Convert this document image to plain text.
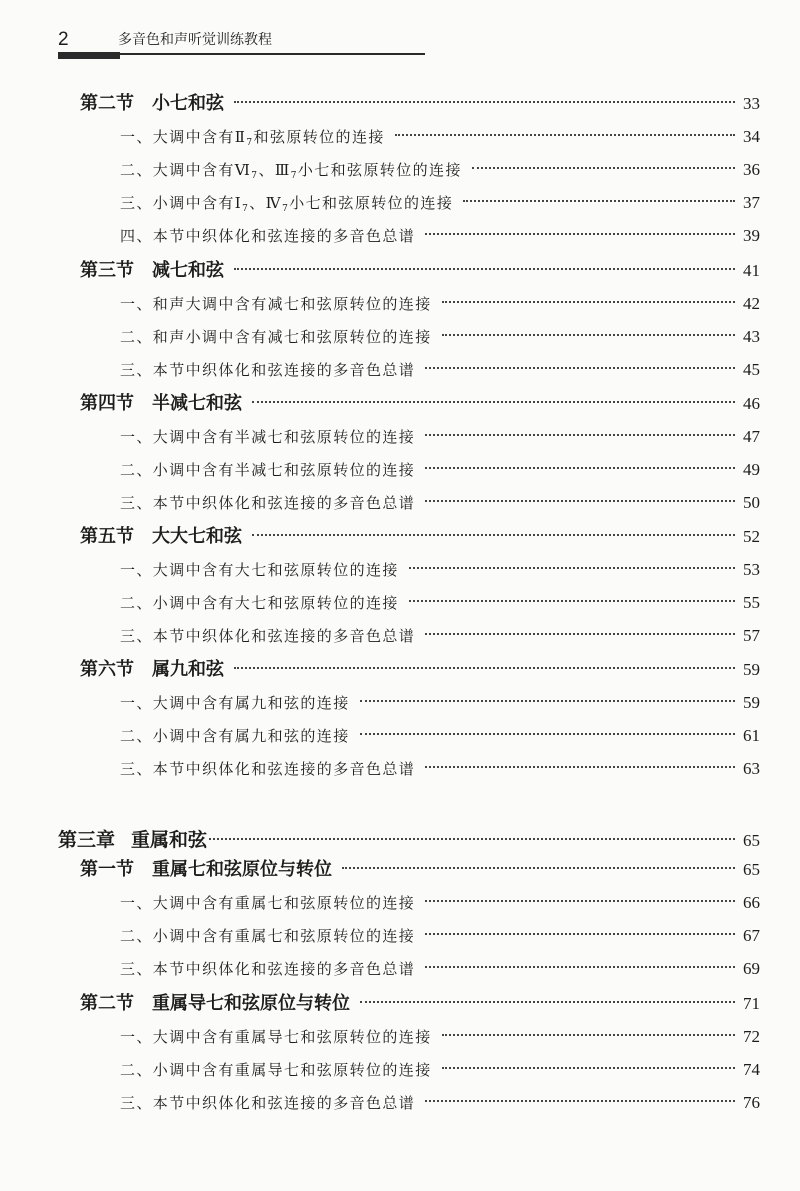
2	多音色和声听觉训练教程
第二节 小七和弦	33
一、大调中含有$Ⅱ_7$和弦原转位的连接	34
二、大调中含有$Ⅵ_7$、$Ⅲ_7$小七和弦原转位的连接	36
三、小调中含有$Ⅰ_7$、$Ⅳ_7$小七和弦原转位的连接	37
四、本节中织体化和弦连接的多音色总谱	39
第三节 减七和弦	41
一、和声大调中含有减七和弦原转位的连接	42
二、和声小调中含有减七和弦原转位的连接	43
三、本节中织体化和弦连接的多音色总谱	45
第四节 半减七和弦	46
一、大调中含有半减七和弦原转位的连接	47
二、小调中含有半减七和弦原转位的连接	49
三、本节中织体化和弦连接的多音色总谱	50
第五节 大大七和弦	52
一、大调中含有大七和弦原转位的连接	53
二、小调中含有大七和弦原转位的连接	55
三、本节中织体化和弦连接的多音色总谱	57
第六节 属九和弦	59
一、大调中含有属九和弦的连接	59
二、小调中含有属九和弦的连接	61
三、本节中织体化和弦连接的多音色总谱	63
第三章 重属和弦	65
第一节 重属七和弦原位与转位	65
一、大调中含有重属七和弦原转位的连接	66
二、小调中含有重属七和弦原转位的连接	67
三、本节中织体化和弦连接的多音色总谱	69
第二节 重属导七和弦原位与转位	71
一、大调中含有重属导七和弦原转位的连接	72
二、小调中含有重属导七和弦原转位的连接	74
三、本节中织体化和弦连接的多音色总谱	76
